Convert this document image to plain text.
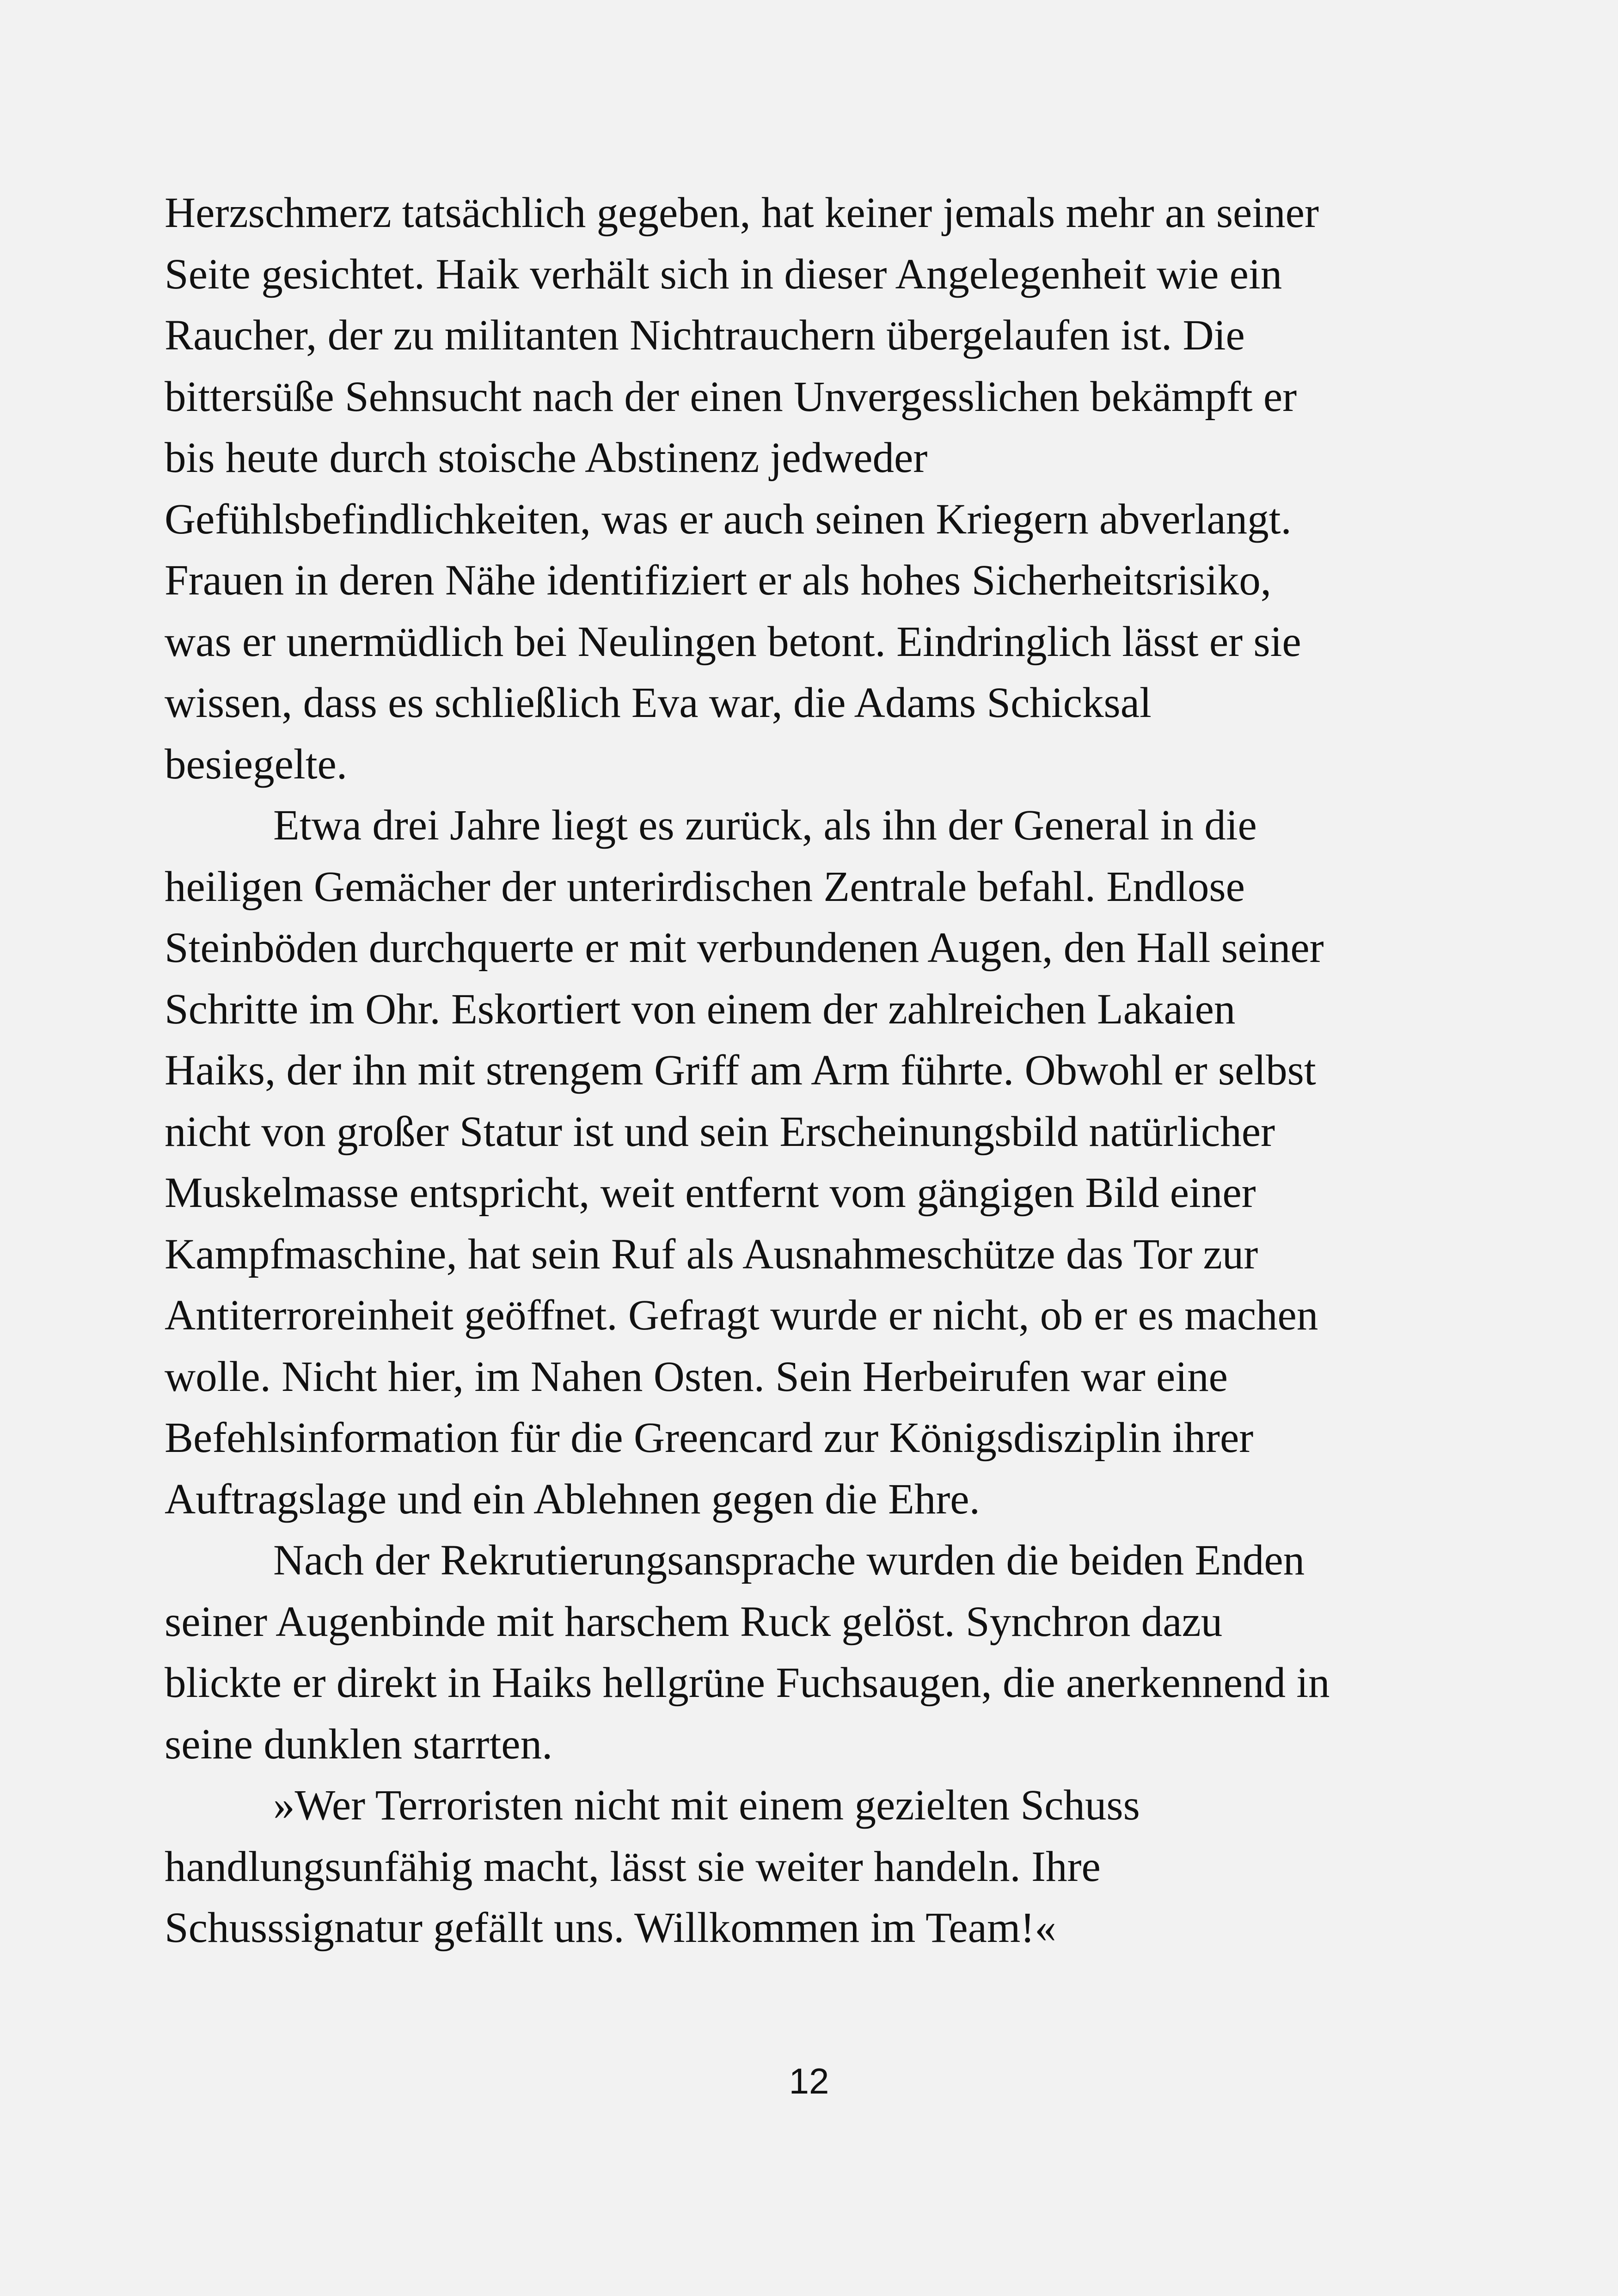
Herzschmerz tatsächlich gegeben, hat keiner jemals mehr an seiner

Seite gesichtet. Haik verhält sich in dieser Angelegenheit wie ein

Raucher, der zu militanten Nichtrauchern übergelaufen ist. Die

bittersüße Sehnsucht nach der einen Unvergesslichen bekämpft er

bis heute durch stoische Abstinenz jedweder

Gefühlsbefindlichkeiten, was er auch seinen Kriegern abverlangt.

Frauen in deren Nähe identifiziert er als hohes Sicherheitsrisiko,

was er unermüdlich bei Neulingen betont. Eindringlich lässt er sie

wissen, dass es schließlich Eva war, die Adams Schicksal

besiegelte.

Etwa drei Jahre liegt es zurück, als ihn der General in die

heiligen Gemächer der unterirdischen Zentrale befahl. Endlose

Steinböden durchquerte er mit verbundenen Augen, den Hall seiner

Schritte im Ohr. Eskortiert von einem der zahlreichen Lakaien

Haiks, der ihn mit strengem Griff am Arm führte. Obwohl er selbst

nicht von großer Statur ist und sein Erscheinungsbild natürlicher

Muskelmasse entspricht, weit entfernt vom gängigen Bild einer

Kampfmaschine, hat sein Ruf als Ausnahmeschütze das Tor zur

Antiterroreinheit geöffnet. Gefragt wurde er nicht, ob er es machen

wolle. Nicht hier, im Nahen Osten. Sein Herbeirufen war eine

Befehlsinformation für die Greencard zur Königsdisziplin ihrer

Auftragslage und ein Ablehnen gegen die Ehre.

Nach der Rekrutierungsansprache wurden die beiden Enden

seiner Augenbinde mit harschem Ruck gelöst. Synchron dazu

blickte er direkt in Haiks hellgrüne Fuchsaugen, die anerkennend in

seine dunklen starrten.

»Wer Terroristen nicht mit einem gezielten Schuss

handlungsunfähig macht, lässt sie weiter handeln. Ihre

Schusssignatur gefällt uns. Willkommen im Team!«

12
